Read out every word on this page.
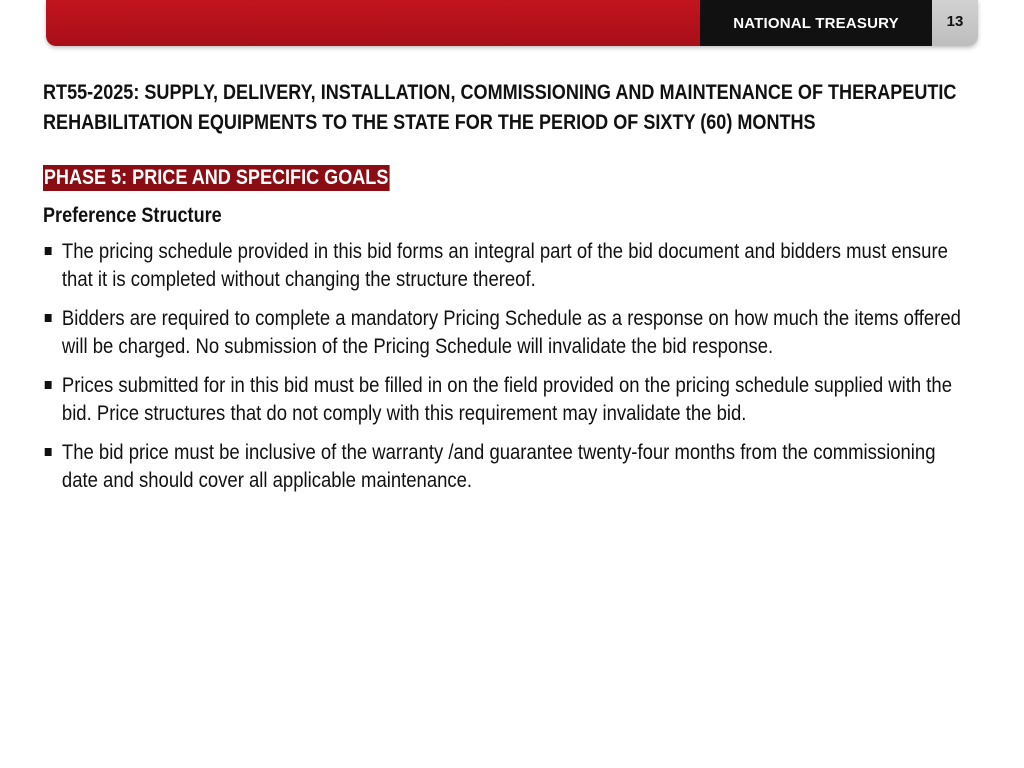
NATIONAL TREASURY	13
RT55-2025: SUPPLY, DELIVERY, INSTALLATION, COMMISSIONING AND MAINTENANCE OF THERAPEUTIC REHABILITATION EQUIPMENTS TO THE STATE FOR THE PERIOD OF SIXTY (60) MONTHS
PHASE 5: PRICE AND SPECIFIC GOALS
Preference Structure
The pricing schedule provided in this bid forms an integral part of the bid document and bidders must ensure that it is completed without changing the structure thereof.
Bidders are required to complete a mandatory Pricing Schedule as a response on how much the items offered will be charged. No submission of the Pricing Schedule will invalidate the bid response.
Prices submitted for in this bid must be filled in on the field provided on the pricing schedule supplied with the bid. Price structures that do not comply with this requirement may invalidate the bid.
The bid price must be inclusive of the warranty /and guarantee twenty-four months from the commissioning date and should cover all applicable maintenance.
